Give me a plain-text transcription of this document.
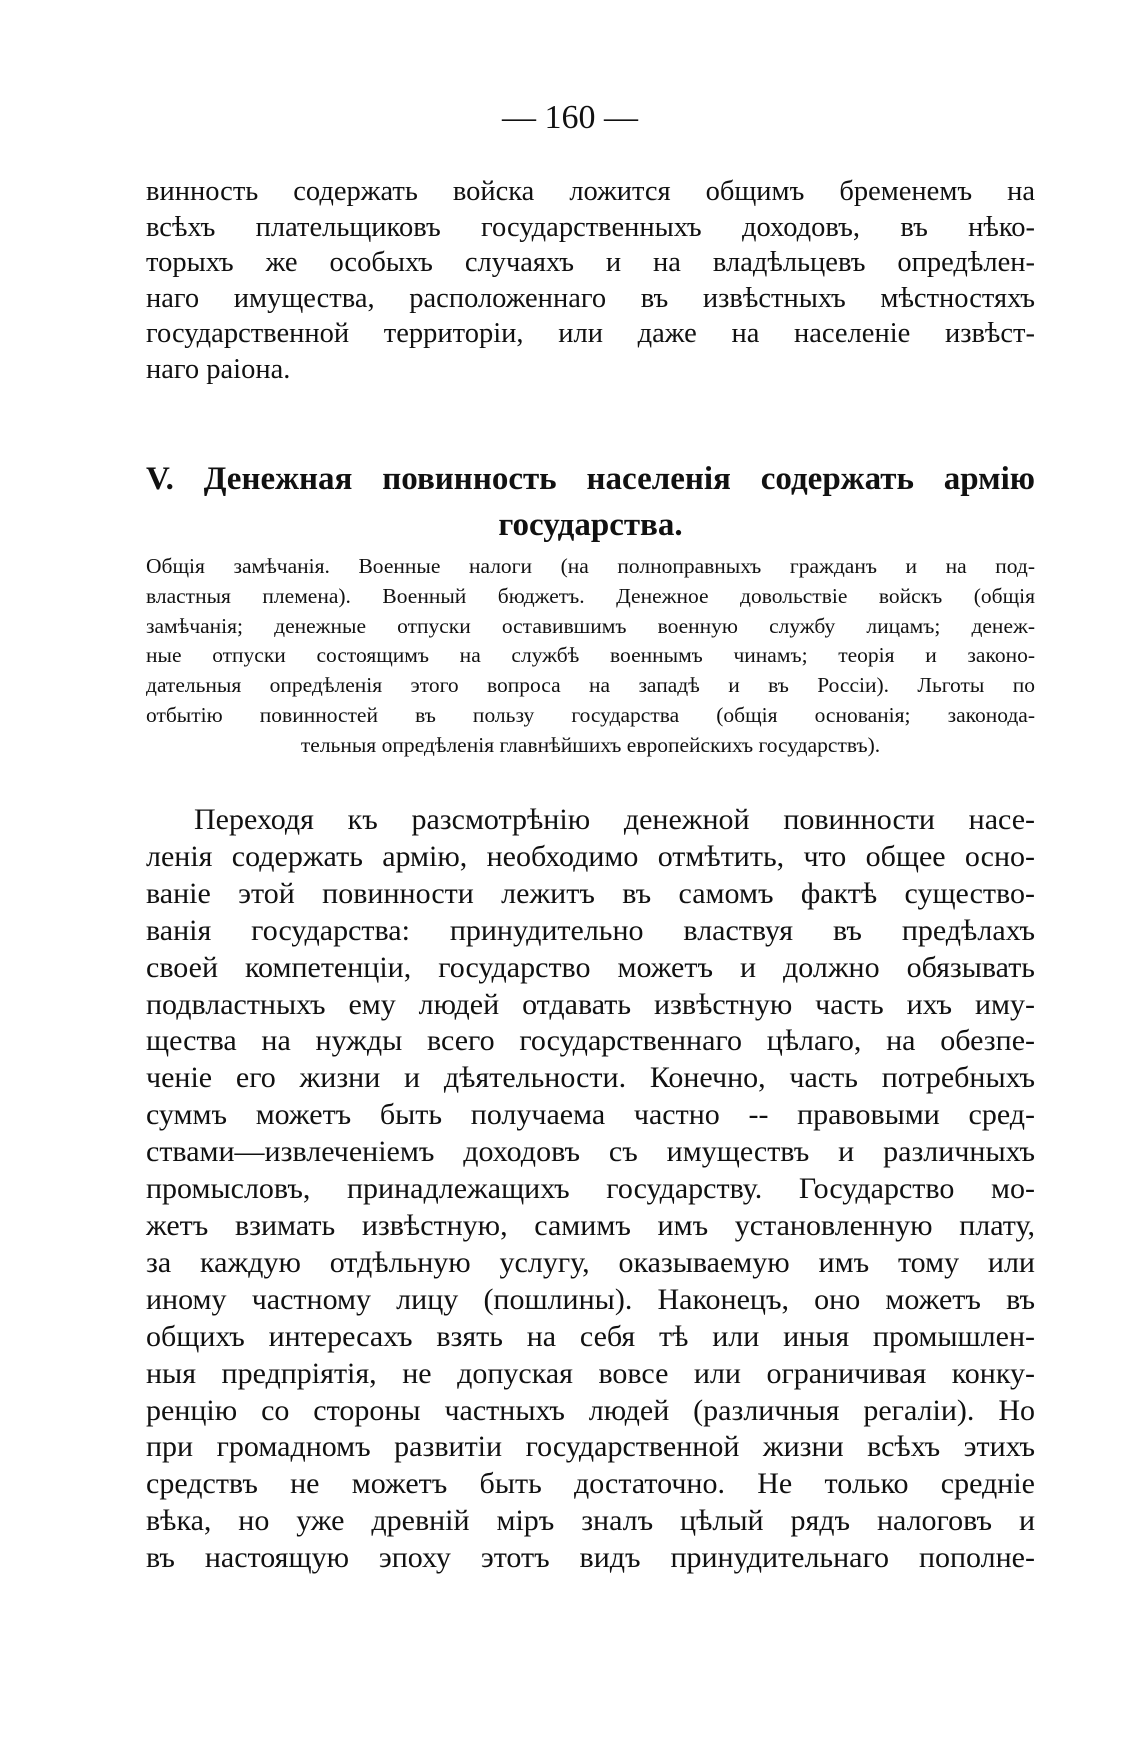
— 160 —
винность содержать войска ложится общимъ бременемъ на
всѣхъ плательщиковъ государственныхъ доходовъ, въ нѣко-
торыхъ же особыхъ случаяхъ и на владѣльцевъ опредѣлен-
наго имущества, расположеннаго въ извѣстныхъ мѣстностяхъ
государственной территоріи, или даже на населеніе извѣст-
наго раіона.
V. Денежная повинность населенія содержать армію
государства.
Общія замѣчанія. Военные налоги (на полноправныхъ гражданъ и на под-
властныя племена). Военный бюджетъ. Денежное довольствіе войскъ (общія
замѣчанія; денежные отпуски оставившимъ военную службу лицамъ; денеж-
ные отпуски состоящимъ на службѣ военнымъ чинамъ; теорія и законо-
дательныя опредѣленія этого вопроса на западѣ и въ Россіи). Льготы по
отбытію повинностей въ пользу государства (общія основанія; законода-
тельныя опредѣленія главнѣйшихъ европейскихъ государствъ).
Переходя къ разсмотрѣнію денежной повинности насе-
ленія содержать армію, необходимо отмѣтить, что общее осно-
ваніе этой повинности лежитъ въ самомъ фактѣ существо-
ванія государства: принудительно властвуя въ предѣлахъ
своей компетенціи, государство можетъ и должно обязывать
подвластныхъ ему людей отдавать извѣстную часть ихъ иму-
щества на нужды всего государственнаго цѣлаго, на обезпе-
ченіе его жизни и дѣятельности. Конечно, часть потребныхъ
суммъ можетъ быть получаема частно -- правовыми сред-
ствами—извлеченіемъ доходовъ съ имуществъ и различныхъ
промысловъ, принадлежащихъ государству. Государство мо-
жетъ взимать извѣстную, самимъ имъ установленную плату,
за каждую отдѣльную услугу, оказываемую имъ тому или
иному частному лицу (пошлины). Наконецъ, оно можетъ въ
общихъ интересахъ взять на себя тѣ или иныя промышлен-
ныя предпріятія, не допуская вовсе или ограничивая конку-
ренцію со стороны частныхъ людей (различныя регаліи). Но
при громадномъ развитіи государственной жизни всѣхъ этихъ
средствъ не можетъ быть достаточно. Не только средніе
вѣка, но уже древній міръ зналъ цѣлый рядъ налоговъ и
въ настоящую эпоху этотъ видъ принудительнаго пополне-
